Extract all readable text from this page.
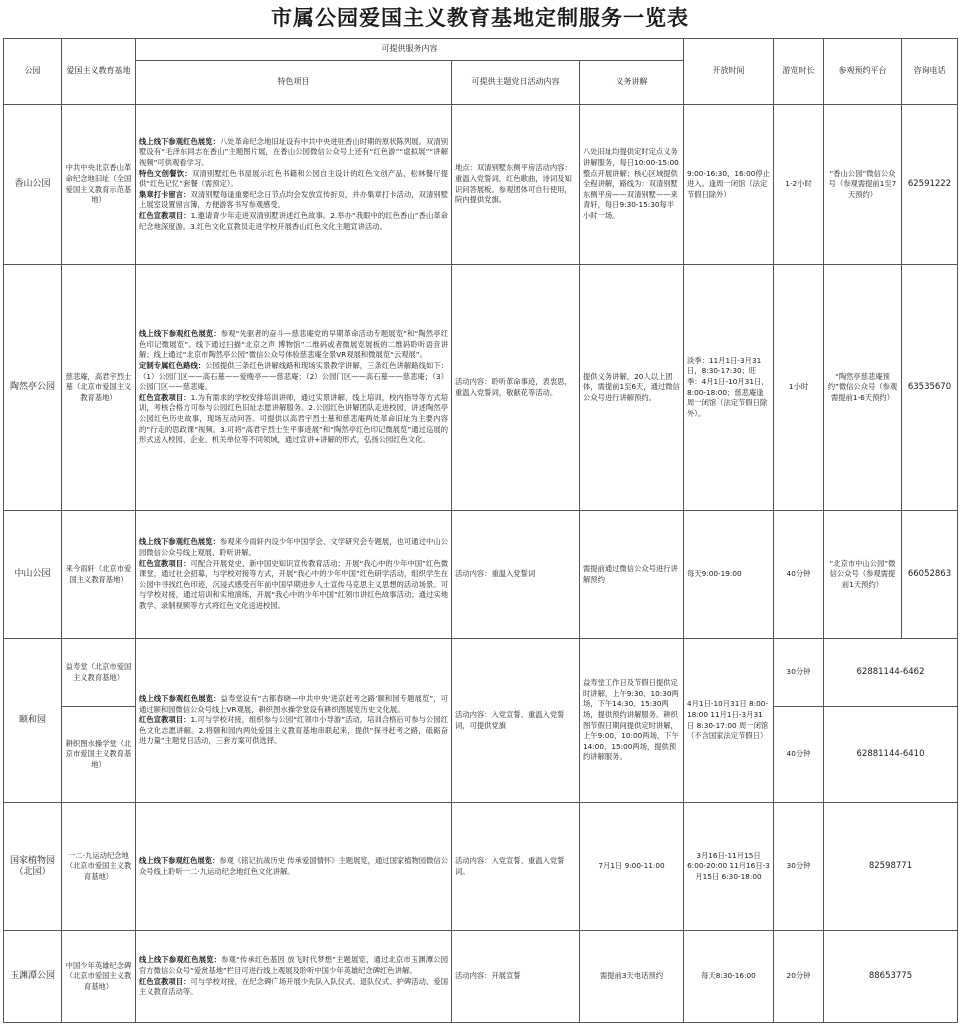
市属公园爱国主义教育基地定制服务一览表
公园	爱国主义教育基地	可提供服务内容			开放时间	游览时长	参观预约平台	咨询电话
		特色项目	可提供主题党日活动内容	义务讲解				
香山公园	中共中央北京香山革命纪念地旧址（全国爱国主义教育示范基地）	线上线下参观红色展览：八处革命纪念地旧址设有中共中央进驻香山时期的原状陈列展。双清别墅设有“毛泽东同志在香山”主题图片展，在香山公园微信公众号上还有“红色游”“虚拟展”“讲解视频”可供观看学习。

特色文创餐饮：双清别墅红色书屋展示红色书籍和公园自主设计的红色文创产品，松林餐厅提供“红色记忆”套餐（需预定）。

集章打卡留言：双清别墅每逢重要纪念日节点均会发放宣传折页，并办集章打卡活动，双清别墅上展室设置留言簿，方便游客书写参观感受。

红色宣教项目：1.邀请青少年走进双清别墅讲述红色故事。2.举办“我眼中的红色香山”香山革命纪念地深度游。3.红色文化宣教员走进学校开展香山红色文化主题宣讲活动。	地点：双清别墅东侧平房活动内容：重温入党誓词，红色歌曲，诗词及知识问答展板。参观团体可自行使用，院内提供党旗。	八处旧址均提供定时定点义务讲解服务，每日10:00-15:00整点开展讲解；核心区域提供全程讲解，路线为：双清别墅东侧平房——双清别墅——来青轩，每日9:30-15:30每半小时一场。	9:00-16:30，16:00停止进入。逢周一闭馆（法定节假日除外）	1-2小时	“香山公园”微信公众号（参观需提前1至7天预约）	62591222
陶然亭公园	慈悲庵，高君宇烈士墓（北京市爱国主义教育基地）	线上线下参观红色展览：参观“先驱者的奋斗—慈悲庵党的早期革命活动专题展览”和“陶然亭红色印记微展览”。线下通过扫描“北京之声 博物馆”二维码或者微展览展板的二维码聆听语音讲解；线上通过“北京市陶然亭公园”微信公众号体验慈悲庵全景VR观展和微展览“云观展”。

定制专属红色路线：公园提供三条红色讲解线路和现场实景教学讲解，三条红色讲解路线如下：（1）公园门区——高石墓——爱晚亭——慈悲庵；（2）公园门区——高石墓——慈悲庵；（3）公园门区——慈悲庵。

红色宣教项目：1.为有需求的学校安排培训讲师，通过实景讲解，线上培训，校内指导等方式培训，考核合格方可参与公园红色旧址志愿讲解服务。2.公园红色讲解团队走进校园，讲述陶然亭公园红色历史故事，现场互动问答。可提供以高君宇烈士墓和慈悲庵两处革命旧址为主要内容的“行走的思政课”视频。3.可将“高君宇烈士生平事迹展”和“陶然亭红色印记微展览”通过巡展的形式送入校园、企业、机关单位等不同领域，通过宣讲+讲解的形式，弘扬公园红色文化。	活动内容：聆听革命事迹，表衷思，重温入党誓词，敬献花等活动。	提供义务讲解，20人以上团体，需提前1至6天，通过微信公众号进行讲解预约。	淡季：11月1日-3月31日，8:30-17:30；旺季：4月1日-10月31日，8:00-18:00；慈悲庵逢周一闭馆（法定节假日除外）。	1小时	“陶然亭慈悲庵预约”微信公众号（参观需提前1-6天预约）	63535670
中山公园	来今雨轩（北京市爱国主义教育基地）	线上线下参观红色展览：参观来今雨轩内设少年中国学会、文学研究会专题展，也可通过中山公园微信公众号线上观展、聆听讲解。

红色宣教项目：可配合开展党史、新中国史知识宣传教育活动；开展“我心中的少年中国”红色微课堂，通过社会招募，与学校对接等方式，开展“我心中的少年中国”红色研学活动，组织学生在公园中寻找红色印迹，沉浸式感受百年前中国早期进步人士宣传马克思主义思想的活动场景。可与学校对接，通过培训和实地演练，开展“我心中的少年中国”红领巾讲红色故事活动；通过实地教学、录制视频等方式将红色文化送进校园。	活动内容：重温入党誓词	需提前通过微信公众号进行讲解预约	每天9:00-19:00	40分钟	“北京市中山公园”微信公众号（参观需提前1天预约）	66052863
颐和园	益寿堂（北京市爱国主义教育基地）	线上线下参观红色展览：益寿堂设有“古都春晓—中共中央‘进京赶考之路’颐和园专题展览”，可通过颐和园微信公众号线上VR观展，耕织图水操学堂设有耕织图展览历史文化展。

红色宣教项目：1.可与学校对接，组织参与公园“红领巾小导游”活动，培训合格后可参与公园红色文化志愿讲解。2.将颐和园内两处爱国主义教育基地串联起来，提供“探寻赶考之路，砥砺奋进力量”主题党日活动，三套方案可供选择。	活动内容：入党宣誓、重温入党誓词，可提供党旗	益寿堂工作日及节假日提供定时讲解，上午9:30、10:30两场，下午14:30、15:30两场，提供预约讲解服务。耕织图节假日期间提供定时讲解，上午9:00、10:00两场，下午14:00、15:00两场，提供预约讲解服务。	4月1日-10月31日 8:00-18:00 11月1日-3月31日 8:30-17:00 周一闭馆（不含国家法定节假日）	30分钟	62881144-6462	
	耕织图水操学堂（北京市爱国主义教育基地）					40分钟	62881144-6410	
国家植物园（北园）	一二·九运动纪念地（北京市爱国主义教育基地）	线上线下参观红色展览：参观《铭记抗战历史 传承爱国情怀》主题展览，通过国家植物园微信公众号线上聆听一二·九运动纪念地红色文化讲解。	活动内容：入党宣誓、重温入党誓词。	7月1日 9:00-11:00	3月16日-11月15日 6:00-20:00 11月16日-3月15日 6:30-18:00	30分钟	82598771	
玉渊潭公园	中国少年英雄纪念碑（北京市爱国主义教育基地）	线上线下参观红色展览：参观“传承红色基因 放飞时代梦想”主题展览，通过北京市玉渊潭公园官方微信公众号“爱赏基地”栏目可进行线上观展及聆听中国少年英雄纪念碑红色讲解。

红色宣教项目：可与学校对接，在纪念碑广场开展少先队入队仪式、退队仪式、护碑活动、爱国主义教育活动等。	活动内容：开展宣誓	需提前3天电话预约	每天8:30-16:00	20分钟	88653775	
